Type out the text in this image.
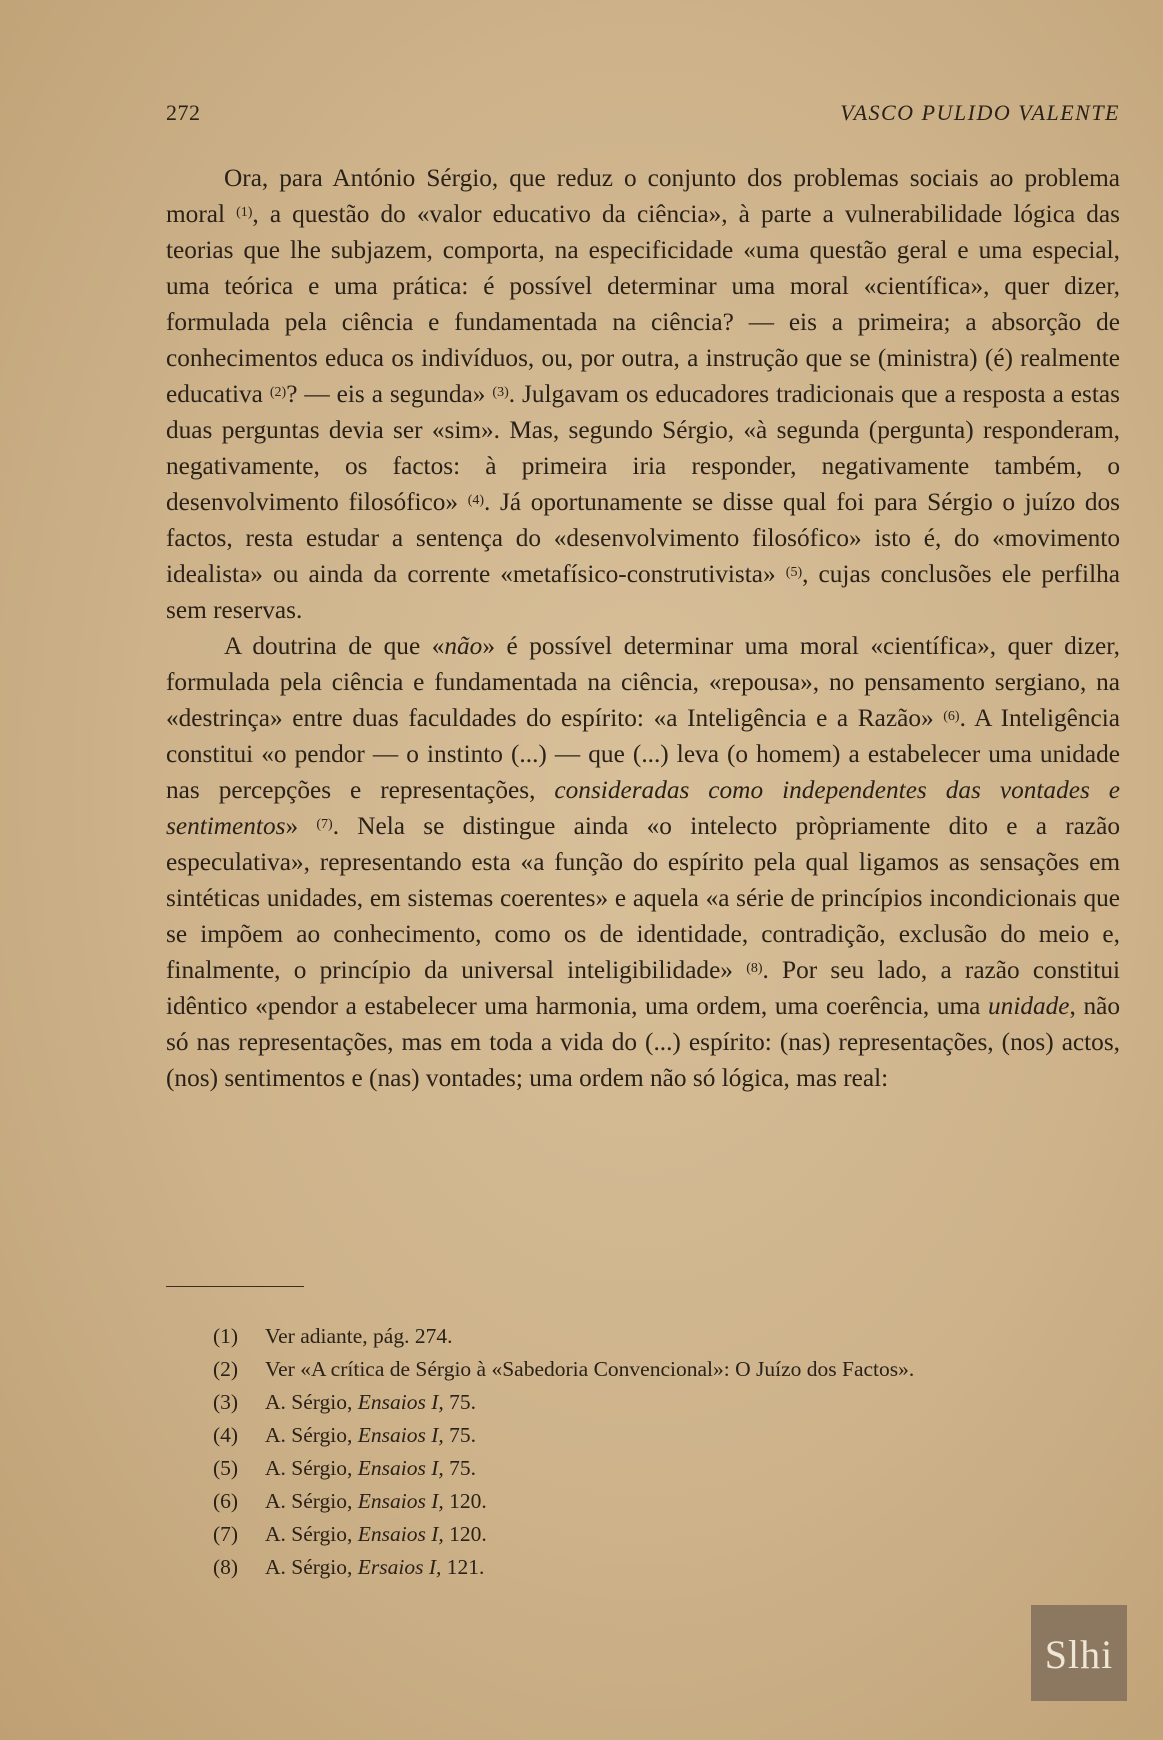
272	VASCO PULIDO VALENTE

Ora, para António Sérgio, que reduz o conjunto dos problemas sociais ao problema moral $^{(1)}$, a questão do «valor educativo da ciência», à parte a vulnerabilidade lógica das teorias que lhe subjazem, comporta, na especificidade «uma questão geral e uma especial, uma teórica e uma prática: é possível determinar uma moral «científica», quer dizer, formulada pela ciência e fundamentada na ciência? — eis a primeira; a absorção de conhecimentos educa os indivíduos, ou, por outra, a instrução que se (ministra) (é) realmente educativa $^{(2)}$? — eis a segunda» $^{(3)}$. Julgavam os educadores tradicionais que a resposta a estas duas perguntas devia ser «sim». Mas, segundo Sérgio, «à segunda (pergunta) responderam, negativamente, os factos: à primeira iria responder, negativamente também, o desenvolvimento filosófico» $^{(4)}$. Já oportunamente se disse qual foi para Sérgio o juízo dos factos, resta estudar a sentença do «desenvolvimento filosófico» isto é, do «movimento idealista» ou ainda da corrente «metafísico-construtivista» $^{(5)}$, cujas conclusões ele perfilha sem reservas.

A doutrina de que «não» é possível determinar uma moral «científica», quer dizer, formulada pela ciência e fundamentada na ciência, «repousa», no pensamento sergiano, na «destrinça» entre duas faculdades do espírito: «a Inteligência e a Razão» $^{(6)}$. A Inteligência constitui «o pendor — o instinto (...) — que (...) leva (o homem) a estabelecer uma unidade nas percepções e representações, consideradas como independentes das vontades e sentimentos» $^{(7)}$. Nela se distingue ainda «o intelecto pròpriamente dito e a razão especulativa», representando esta «a função do espírito pela qual ligamos as sensações em sintéticas unidades, em sistemas coerentes» e aquela «a série de princípios incondicionais que se impõem ao conhecimento, como os de identidade, contradição, exclusão do meio e, finalmente, o princípio da universal inteligibilidade» $^{(8)}$. Por seu lado, a razão constitui idêntico «pendor a estabelecer uma harmonia, uma ordem, uma coerência, uma unidade, não só nas representações, mas em toda a vida do (...) espírito: (nas) representações, (nos) actos, (nos) sentimentos e (nas) vontades; uma ordem não só lógica, mas real:

(1)	Ver adiante, pág. 274.
(2)	Ver «A crítica de Sérgio à «Sabedoria Convencional»: O Juízo dos Factos».
(3)	A. Sérgio, Ensaios I, 75.
(4)	A. Sérgio, Ensaios I, 75.
(5)	A. Sérgio, Ensaios I, 75.
(6)	A. Sérgio, Ensaios I, 120.
(7)	A. Sérgio, Ensaios I, 120.
(8)	A. Sérgio, Ersaios I, 121.
Slhi
